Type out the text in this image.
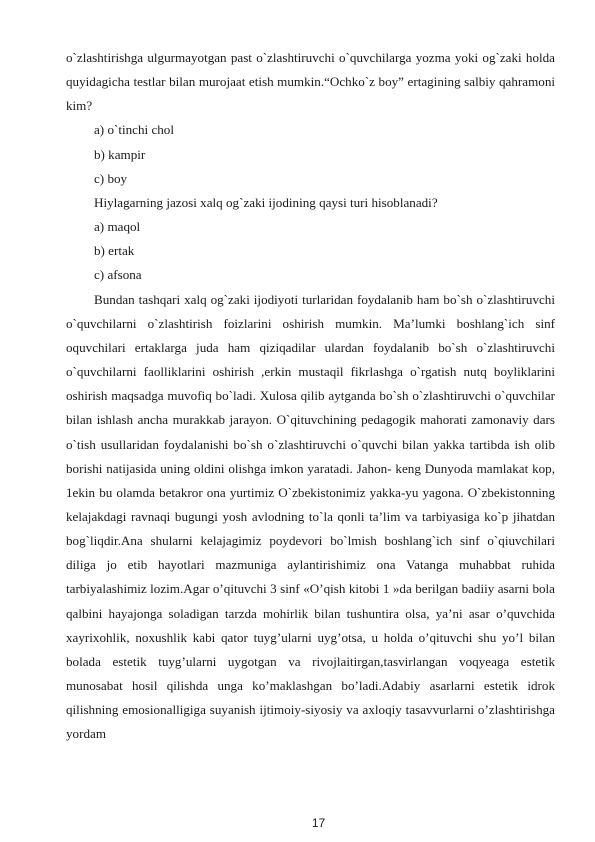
o`zlashtirishga ulgurmayotgan past o`zlashtiruvchi o`quvchilarga yozma yoki og`zaki holda quyidagicha testlar bilan murojaat etish mumkin.“Ochko`z boy” ertagining salbiy qahramoni kim?

a) o`tinchi chol

b) kampir

c) boy

Hiylagarning jazosi xalq og`zaki ijodining qaysi turi hisoblanadi?

a) maqol

b) ertak

c) afsona

Bundan tashqari xalq og`zaki ijodiyoti turlaridan foydalanib ham bo`sh o`zlashtiruvchi o`quvchilarni o`zlashtirish foizlarini oshirish mumkin. Ma’lumki boshlang`ich sinf oquvchilari ertaklarga juda ham qiziqadilar ulardan foydalanib bo`sh o`zlashtiruvchi o`quvchilarni faolliklarini oshirish ,erkin mustaqil fikrlashga o`rgatish nutq boyliklarini oshirish maqsadga muvofiq bo`ladi. Xulosa qilib aytganda bo`sh o`zlashtiruvchi o`quvchilar bilan ishlash ancha murakkab jarayon. O`qituvchining pedagogik mahorati zamonaviy dars o`tish usullaridan foydalanishi bo`sh o`zlashtiruvchi o`quvchi bilan yakka tartibda ish olib borishi natijasida uning oldini olishga imkon yaratadi. Jahon- keng Dunyoda mamlakat kop, 1ekin bu olamda betakror ona yurtimiz O`zbekistonimiz yakka-yu yagona. O`zbekistonning kelajakdagi ravnaqi bugungi yosh avlodning to`la qonli ta’lim va tarbiyasiga ko`p jihatdan bog`liqdir.Ana shularni kelajagimiz poydevori bo`lmish boshlang`ich sinf o`qiuvchilari diliga jo etib hayotlari mazmuniga aylantirishimiz ona Vatanga muhabbat ruhida tarbiyalashimiz lozim.Agar o’qituvchi 3 sinf «O’qish kitobi 1 »da berilgan badiiy asarni bola qalbini hayajonga soladigan tarzda mohirlik bilan tushuntira olsa, ya’ni asar o’quvchida xayrixohlik, noxushlik kabi qator tuyg’ularni uyg’otsa, u holda o’qituvchi shu yo’l bilan bolada estetik tuyg’ularni uygotgan va rivojlaitirgan,tasvirlangan voqyeaga estetik munosabat hosil qilishda unga ko’maklashgan bo’ladi.Adabiy asarlarni estetik idrok qilishning emosionalligiga suyanish ijtimoiy-siyosiy va axloqiy tasavvurlarni o’zlashtirishga yordam

17
